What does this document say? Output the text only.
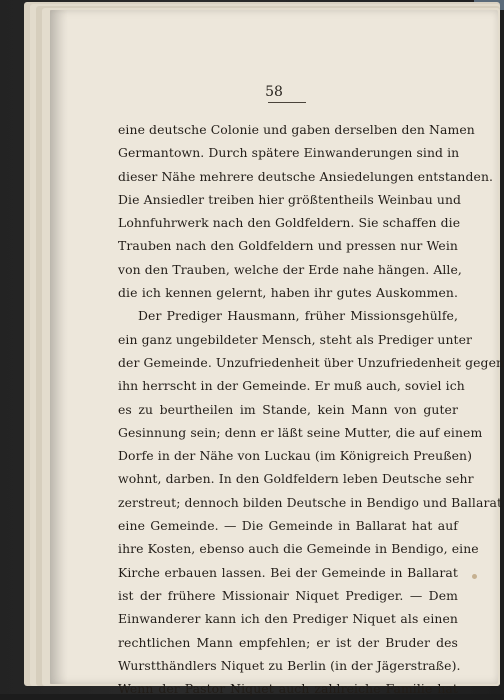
58
eine deutsche Colonie und gaben derselben den Namen
Germantown. Durch spätere Einwanderungen sind in
dieser Nähe mehrere deutsche Ansiedelungen entstanden.
Die Ansiedler treiben hier größtentheils Weinbau und
Lohnfuhrwerk nach den Goldfeldern. Sie schaffen die
Trauben nach den Goldfeldern und pressen nur Wein
von den Trauben, welche der Erde nahe hängen. Alle,
die ich kennen gelernt, haben ihr gutes Auskommen.
Der Prediger Hausmann, früher Missionsgehülfe,
ein ganz ungebildeter Mensch, steht als Prediger unter
der Gemeinde. Unzufriedenheit über Unzufriedenheit gegen
ihn herrscht in der Gemeinde. Er muß auch, soviel ich
es zu beurtheilen im Stande, kein Mann von guter
Gesinnung sein; denn er läßt seine Mutter, die auf einem
Dorfe in der Nähe von Luckau (im Königreich Preußen)
wohnt, darben. In den Goldfeldern leben Deutsche sehr
zerstreut; dennoch bilden Deutsche in Bendigo und Ballarat
eine Gemeinde. — Die Gemeinde in Ballarat hat auf
ihre Kosten, ebenso auch die Gemeinde in Bendigo, eine
Kirche erbauen lassen. Bei der Gemeinde in Ballarat
ist der frühere Missionair Niquet Prediger. — Dem
Einwanderer kann ich den Prediger Niquet als einen
rechtlichen Mann empfehlen; er ist der Bruder des
Wurstthändlers Niquet zu Berlin (in der Jägerstraße).
Wenn der Pastor Niquet auch zahlreiche Familie hat
